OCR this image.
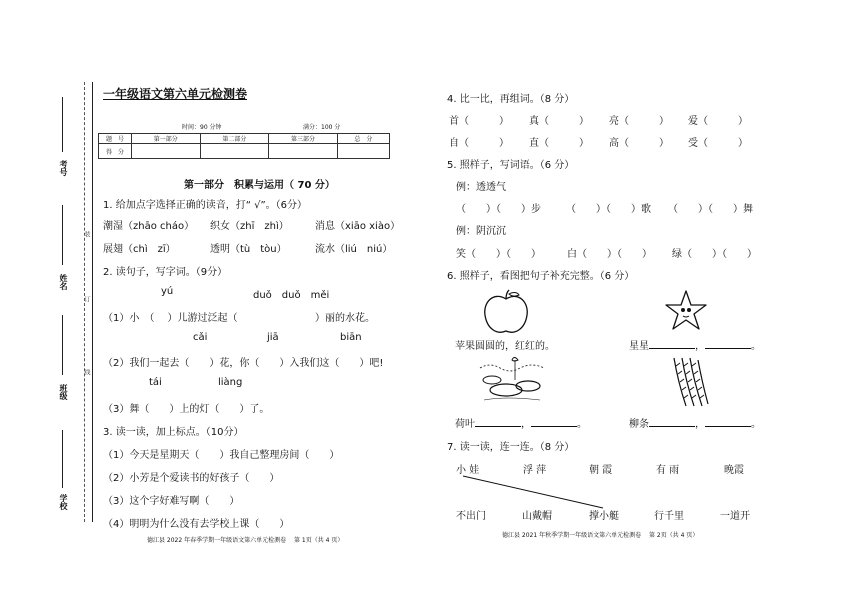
考号
姓名
班级
学校
装
订
线
一年级语文第六单元检测卷
时间：90 分钟	满分：100 分
题　号	第一部分	第二部分	第三部分	总　分
得　分				
第一部分　积累与运用（ 70 分）
1. 给加点字选择正确的读音，打“ √”。（6分）
潮湿（zhāo cháo） 织女（zhī　zhì）	消息（xiāo xiào）
展翅（chì　zī）	透明（tù　tòu）	流水（liú　niú）
2. 读句子，写字词。（9分）
yú	duǒ　duǒ　měi
（1）小　（　 ）儿游过泛起（	）丽的水花。
cǎi	jiā	biān
（2）我们一起去（　　）花，你（　　）入我们这（　　）吧!
tái	liàng
（3）舞（　　）上的灯（　　）了。
3. 读一读，加上标点。（10分）
（1）今天是星期天（　　）我自己整理房间（　　）
（2）小芳是个爱读书的好孩子（　　）
（3）这个字好难写啊（　　）
（4）明明为什么没有去学校上课（　　）
德江县 2022 年春季学期一年级语文第六单元检测卷　 第 1页（共 4 页）
4. 比一比，再组词。（8 分）
首（　　　） 真（　　　） 亮（　　　） 爱（　　　）
自（　　　） 直（　　　） 高（　　　） 受（　　　）
5. 照样子，写词语。（6 分）
例：透透气
（　　）（　　）步	（　　）（　　）歌 （　　）（　　）舞
例：阴沉沉
笑（　　）（　　）	白（　　）（　　） 绿（　　）（　　）
6. 照样子，看图把句子补充完整。（6 分）
苹果圆圆的，红红的。	星星	，	。
荷叶	，	。	柳条	，	。
7. 读一读，连一连。（8 分）
小 娃	浮 萍	朝 霞	有 雨	晚霞
不出门	山戴帽	撑小艇	行千里	一道开
德江县 2021 年秋季学期一年级语文第六单元检测卷　 第 2页（共 4 页）
